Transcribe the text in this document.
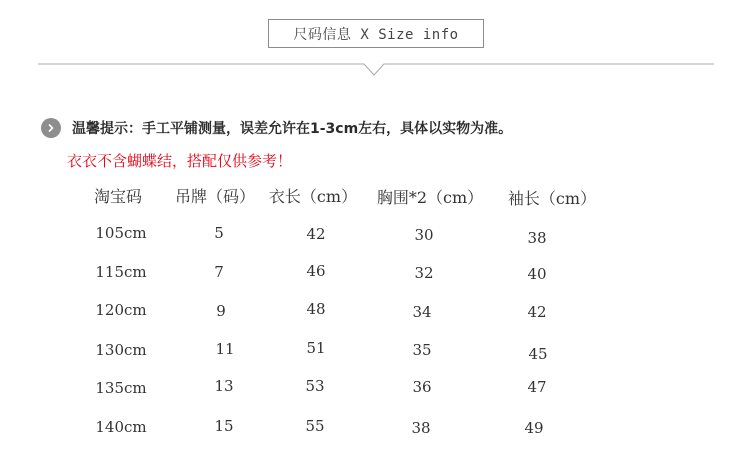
尺码信息 X Size info
温馨提示：手工平铺测量，误差允许在1-3cm左右，具体以实物为准。
衣衣不含蝴蝶结，搭配仅供参考！
淘宝码 吊牌（码） 衣长（cm） 胸围*2（cm） 袖长（cm）
105cm	5	42	30	38
115cm	7	46	32	40
120cm	9	48	34	42
130cm	11	51	35	45
135cm	13	53	36	47
140cm	15	55	38	49
